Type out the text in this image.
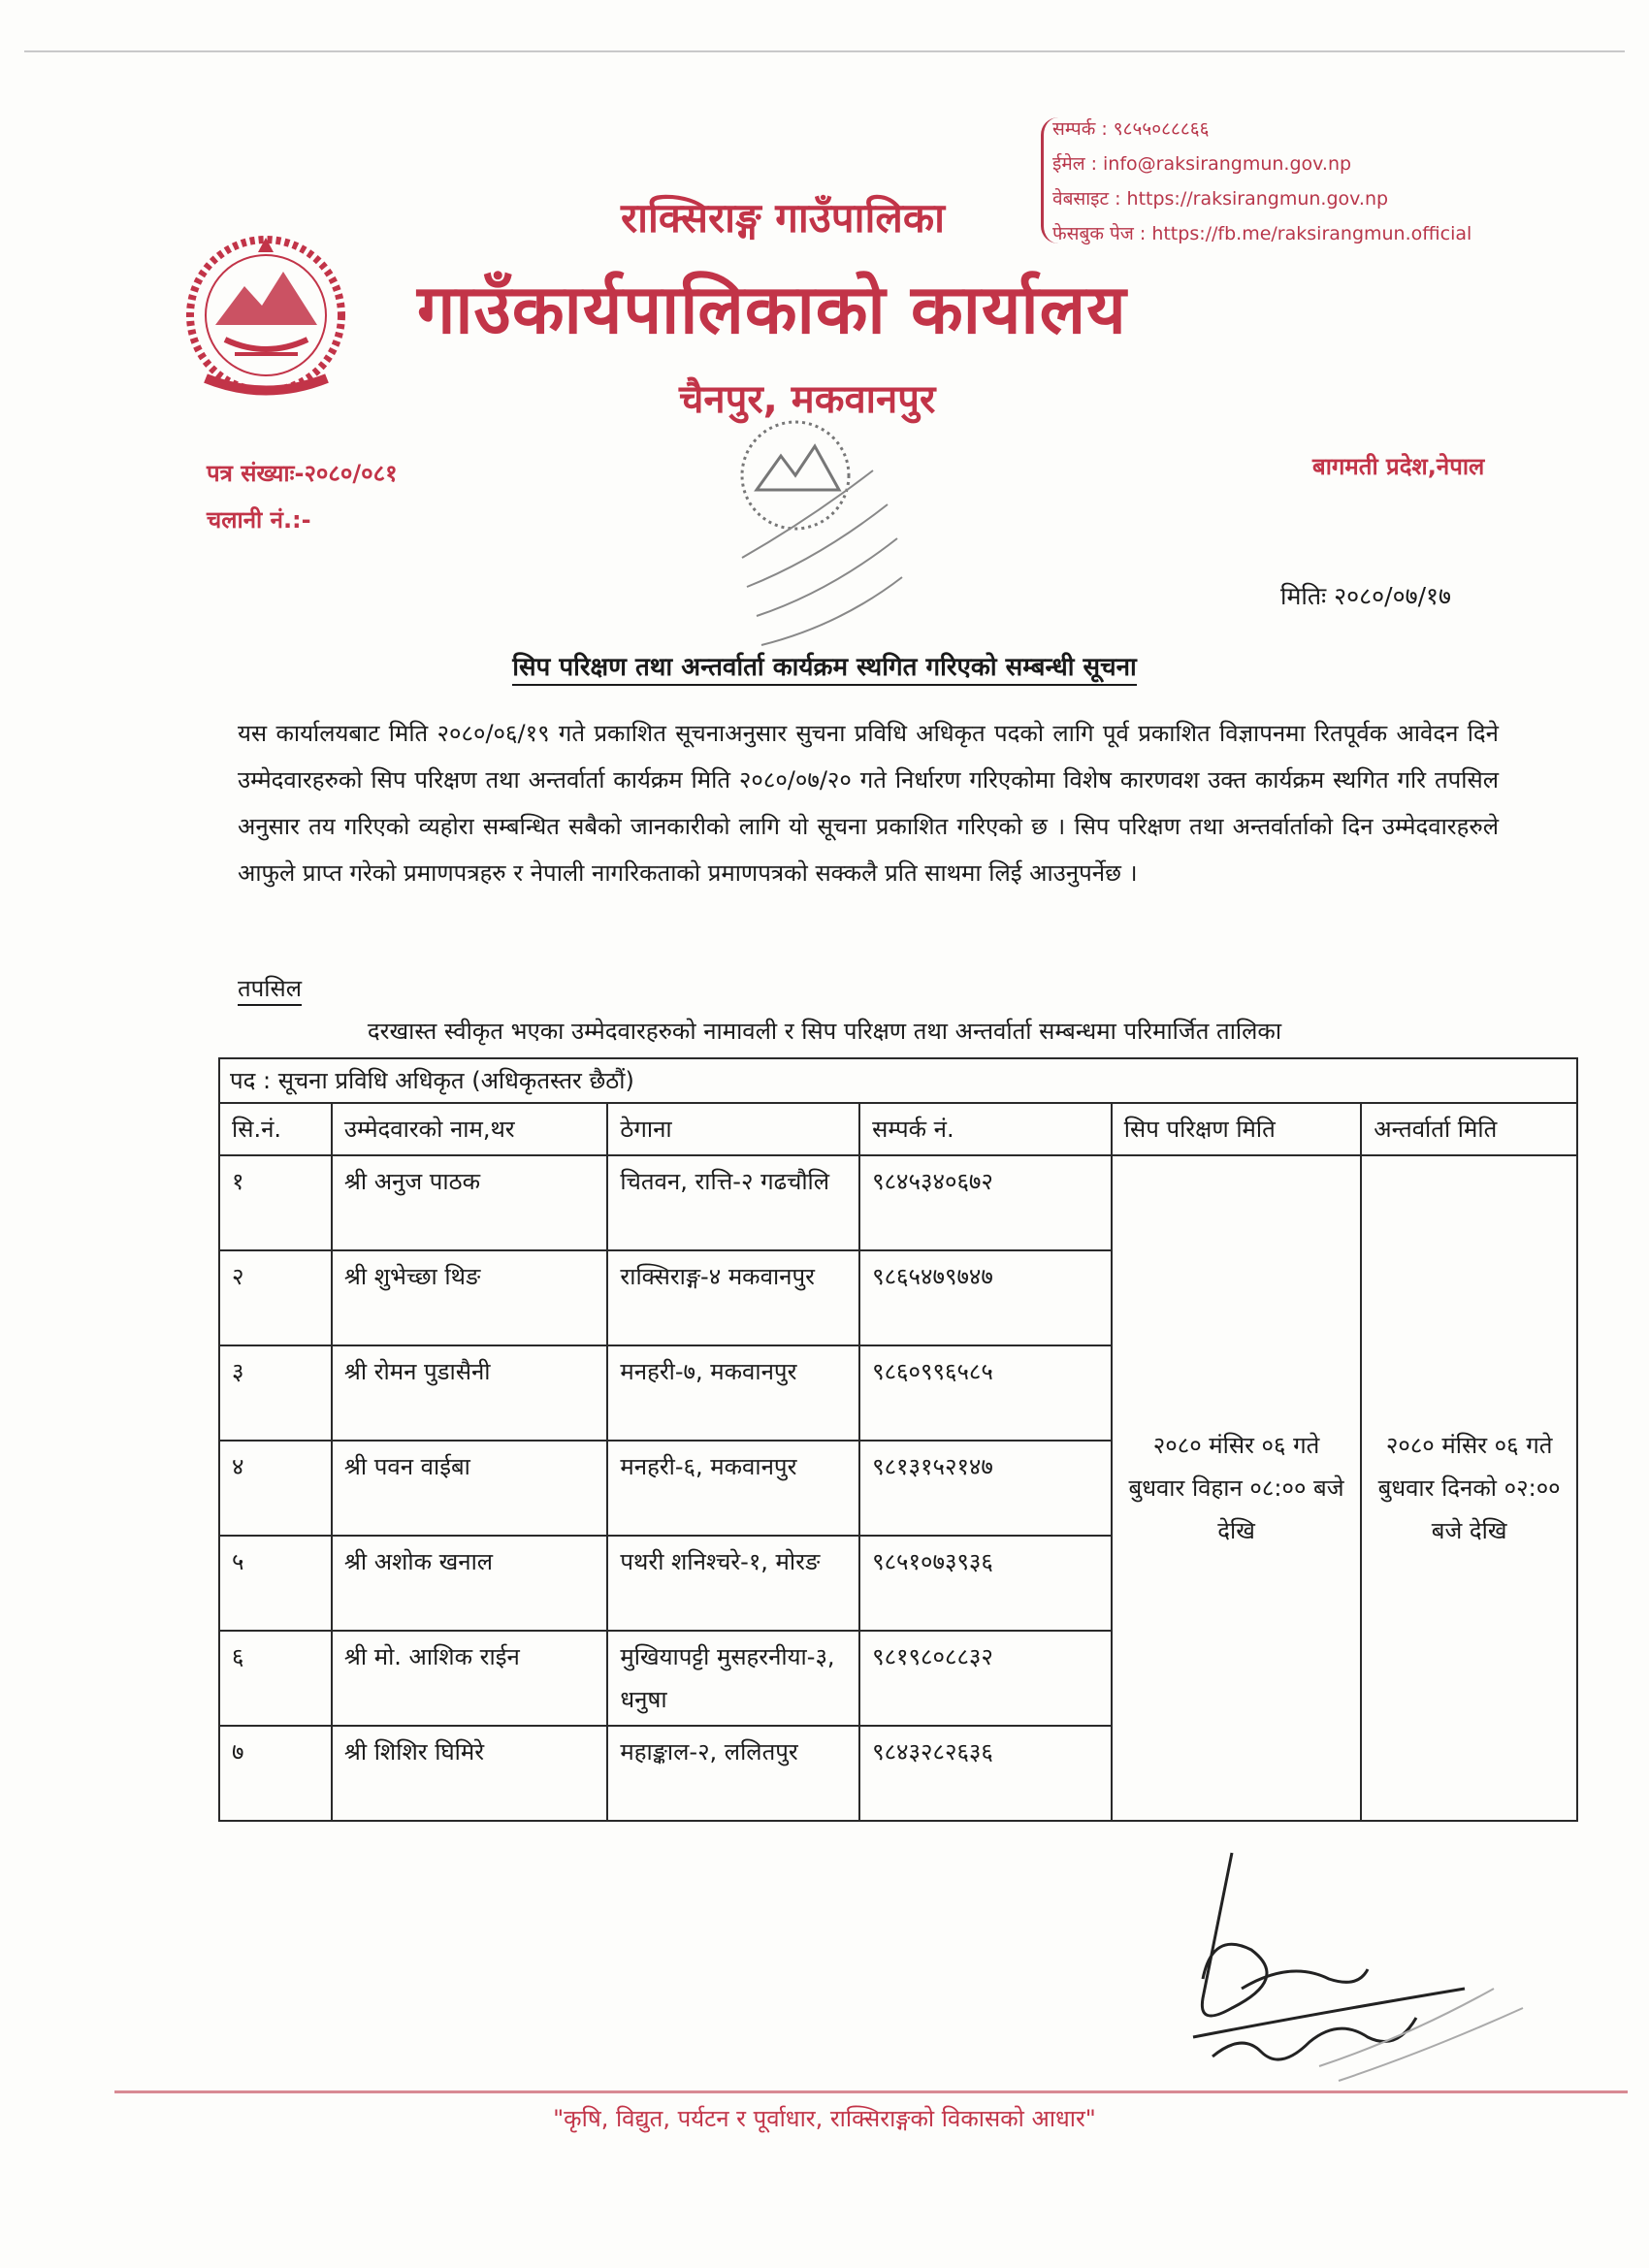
सम्पर्क : ९८५५०८८८६६
ईमेल : info@raksirangmun.gov.np
वेबसाइट : https://raksirangmun.gov.np
फेसबुक पेज : https://fb.me/raksirangmun.official
राक्सिराङ्ग गाउँपालिका
गाउँकार्यपालिकाको कार्यालय
चैनपुर, मकवानपुर
पत्र संख्याः-२०८०/०८१
चलानी नं.:-
बागमती प्रदेश,नेपाल
मितिः २०८०/०७/१७
सिप परिक्षण तथा अन्तर्वार्ता कार्यक्रम स्थगित गरिएको सम्बन्धी सूचना
यस कार्यालयबाट मिति २०८०/०६/१९ गते प्रकाशित सूचनाअनुसार सुचना प्रविधि अधिकृत पदको लागि पूर्व प्रकाशित विज्ञापनमा रितपूर्वक आवेदन दिने उम्मेदवारहरुको सिप परिक्षण तथा अन्तर्वार्ता कार्यक्रम मिति २०८०/०७/२० गते निर्धारण गरिएकोमा विशेष कारणवश उक्त कार्यक्रम स्थगित गरि तपसिल अनुसार तय गरिएको व्यहोरा सम्बन्धित सबैको जानकारीको लागि यो सूचना प्रकाशित गरिएको छ । सिप परिक्षण तथा अन्तर्वार्ताको दिन उम्मेदवारहरुले आफुले प्राप्त गरेको प्रमाणपत्रहरु र नेपाली नागरिकताको प्रमाणपत्रको सक्कलै प्रति साथमा लिई आउनुपर्नेछ ।
तपसिल
दरखास्त स्वीकृत भएका उम्मेदवारहरुको नामावली र सिप परिक्षण तथा अन्तर्वार्ता सम्बन्धमा परिमार्जित तालिका
पद : सूचना प्रविधि अधिकृत (अधिकृतस्तर छैठौं)					
सि.नं.	उम्मेदवारको नाम,थर	ठेगाना	सम्पर्क नं.	सिप परिक्षण मिति	अन्तर्वार्ता मिति
१	श्री अनुज पाठक	चितवन, रात्ति-२ गढचौलि	९८४५३४०६७२	२०८० मंसिर ०६ गते बुधवार विहान ०८:०० बजे देखि	२०८० मंसिर ०६ गते बुधवार दिनको ०२:०० बजे देखि
२	श्री शुभेच्छा थिङ	राक्सिराङ्ग-४ मकवानपुर	९८६५४७९७४७		
३	श्री रोमन पुडासैनी	मनहरी-७, मकवानपुर	९८६०९९६५८५		
४	श्री पवन वाईबा	मनहरी-६, मकवानपुर	९८१३१५२१४७		
५	श्री अशोक खनाल	पथरी शनिश्चरे-१, मोरङ	९८५१०७३९३६		
६	श्री मो. आशिक राईन	मुखियापट्टी मुसहरनीया-३, धनुषा	९८१९८०८८३२		
७	श्री शिशिर घिमिरे	महाङ्काल-२, ललितपुर	९८४३२८२६३६		
"कृषि, विद्युत, पर्यटन र पूर्वाधार, राक्सिराङ्गको विकासको आधार"
